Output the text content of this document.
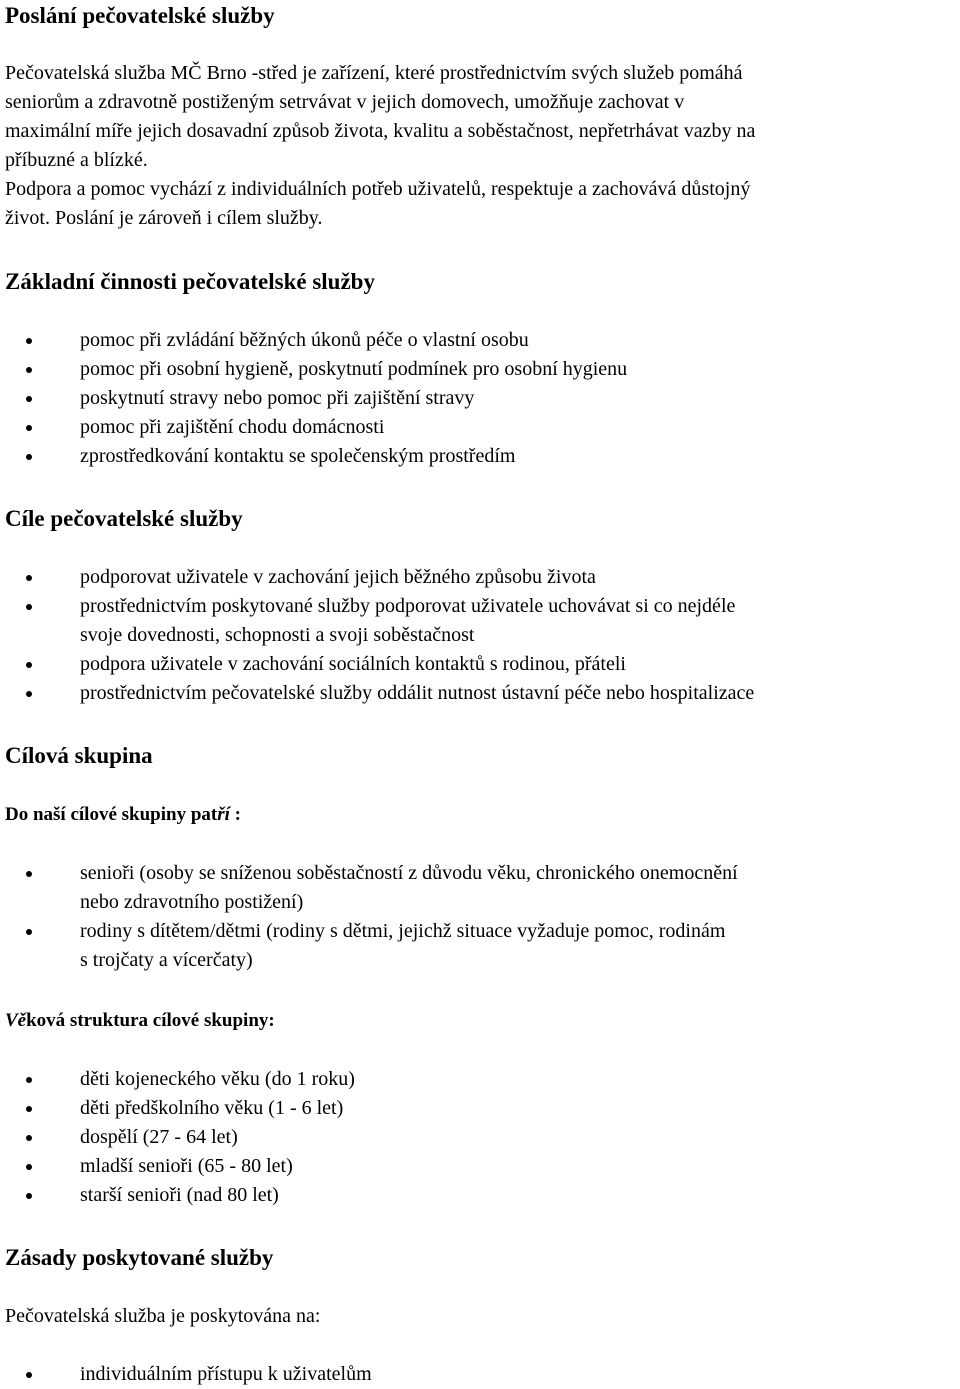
Poslání pečovatelské služby

Pečovatelská služba MČ Brno -střed je zařízení, které prostřednictvím svých služeb pomáhá
seniorům a zdravotně postiženým setrvávat v jejich domovech, umožňuje zachovat v
maximální míře jejich dosavadní způsob života, kvalitu a soběstačnost, nepřetrhávat vazby na
příbuzné a blízké.
Podpora a pomoc vychází z individuálních potřeb uživatelů, respektuje a zachovává důstojný
život. Poslání je zároveň i cílem služby.

Základní činnosti pečovatelské služby
pomoc při zvládání běžných úkonů péče o vlastní osobu
pomoc při osobní hygieně, poskytnutí podmínek pro osobní hygienu
poskytnutí stravy nebo pomoc při zajištění stravy
pomoc při zajištění chodu domácnosti
zprostředkování kontaktu se společenským prostředím
Cíle pečovatelské služby
podporovat uživatele v zachování jejich běžného způsobu života
prostřednictvím poskytované služby podporovat uživatele uchovávat si co nejdéle
svoje dovednosti, schopnosti a svoji soběstačnost
podpora uživatele v zachování sociálních kontaktů s rodinou, přáteli
prostřednictvím pečovatelské služby oddálit nutnost ústavní péče nebo hospitalizace
Cílová skupina
Do naší cílové skupiny patří :
senioři (osoby se sníženou soběstačností z důvodu věku, chronického onemocnění
nebo zdravotního postižení)
rodiny s dítětem/dětmi (rodiny s dětmi, jejichž situace vyžaduje pomoc, rodinám
s trojčaty a vícerčaty)
Věková struktura cílové skupiny:
děti kojeneckého věku (do 1 roku)
děti předškolního věku (1 - 6 let)
dospělí (27 - 64 let)
mladší senioři (65 - 80 let)
starší senioři (nad 80 let)
Zásady poskytované služby

Pečovatelská služba je poskytována na:

individuálním přístupu k uživatelům
